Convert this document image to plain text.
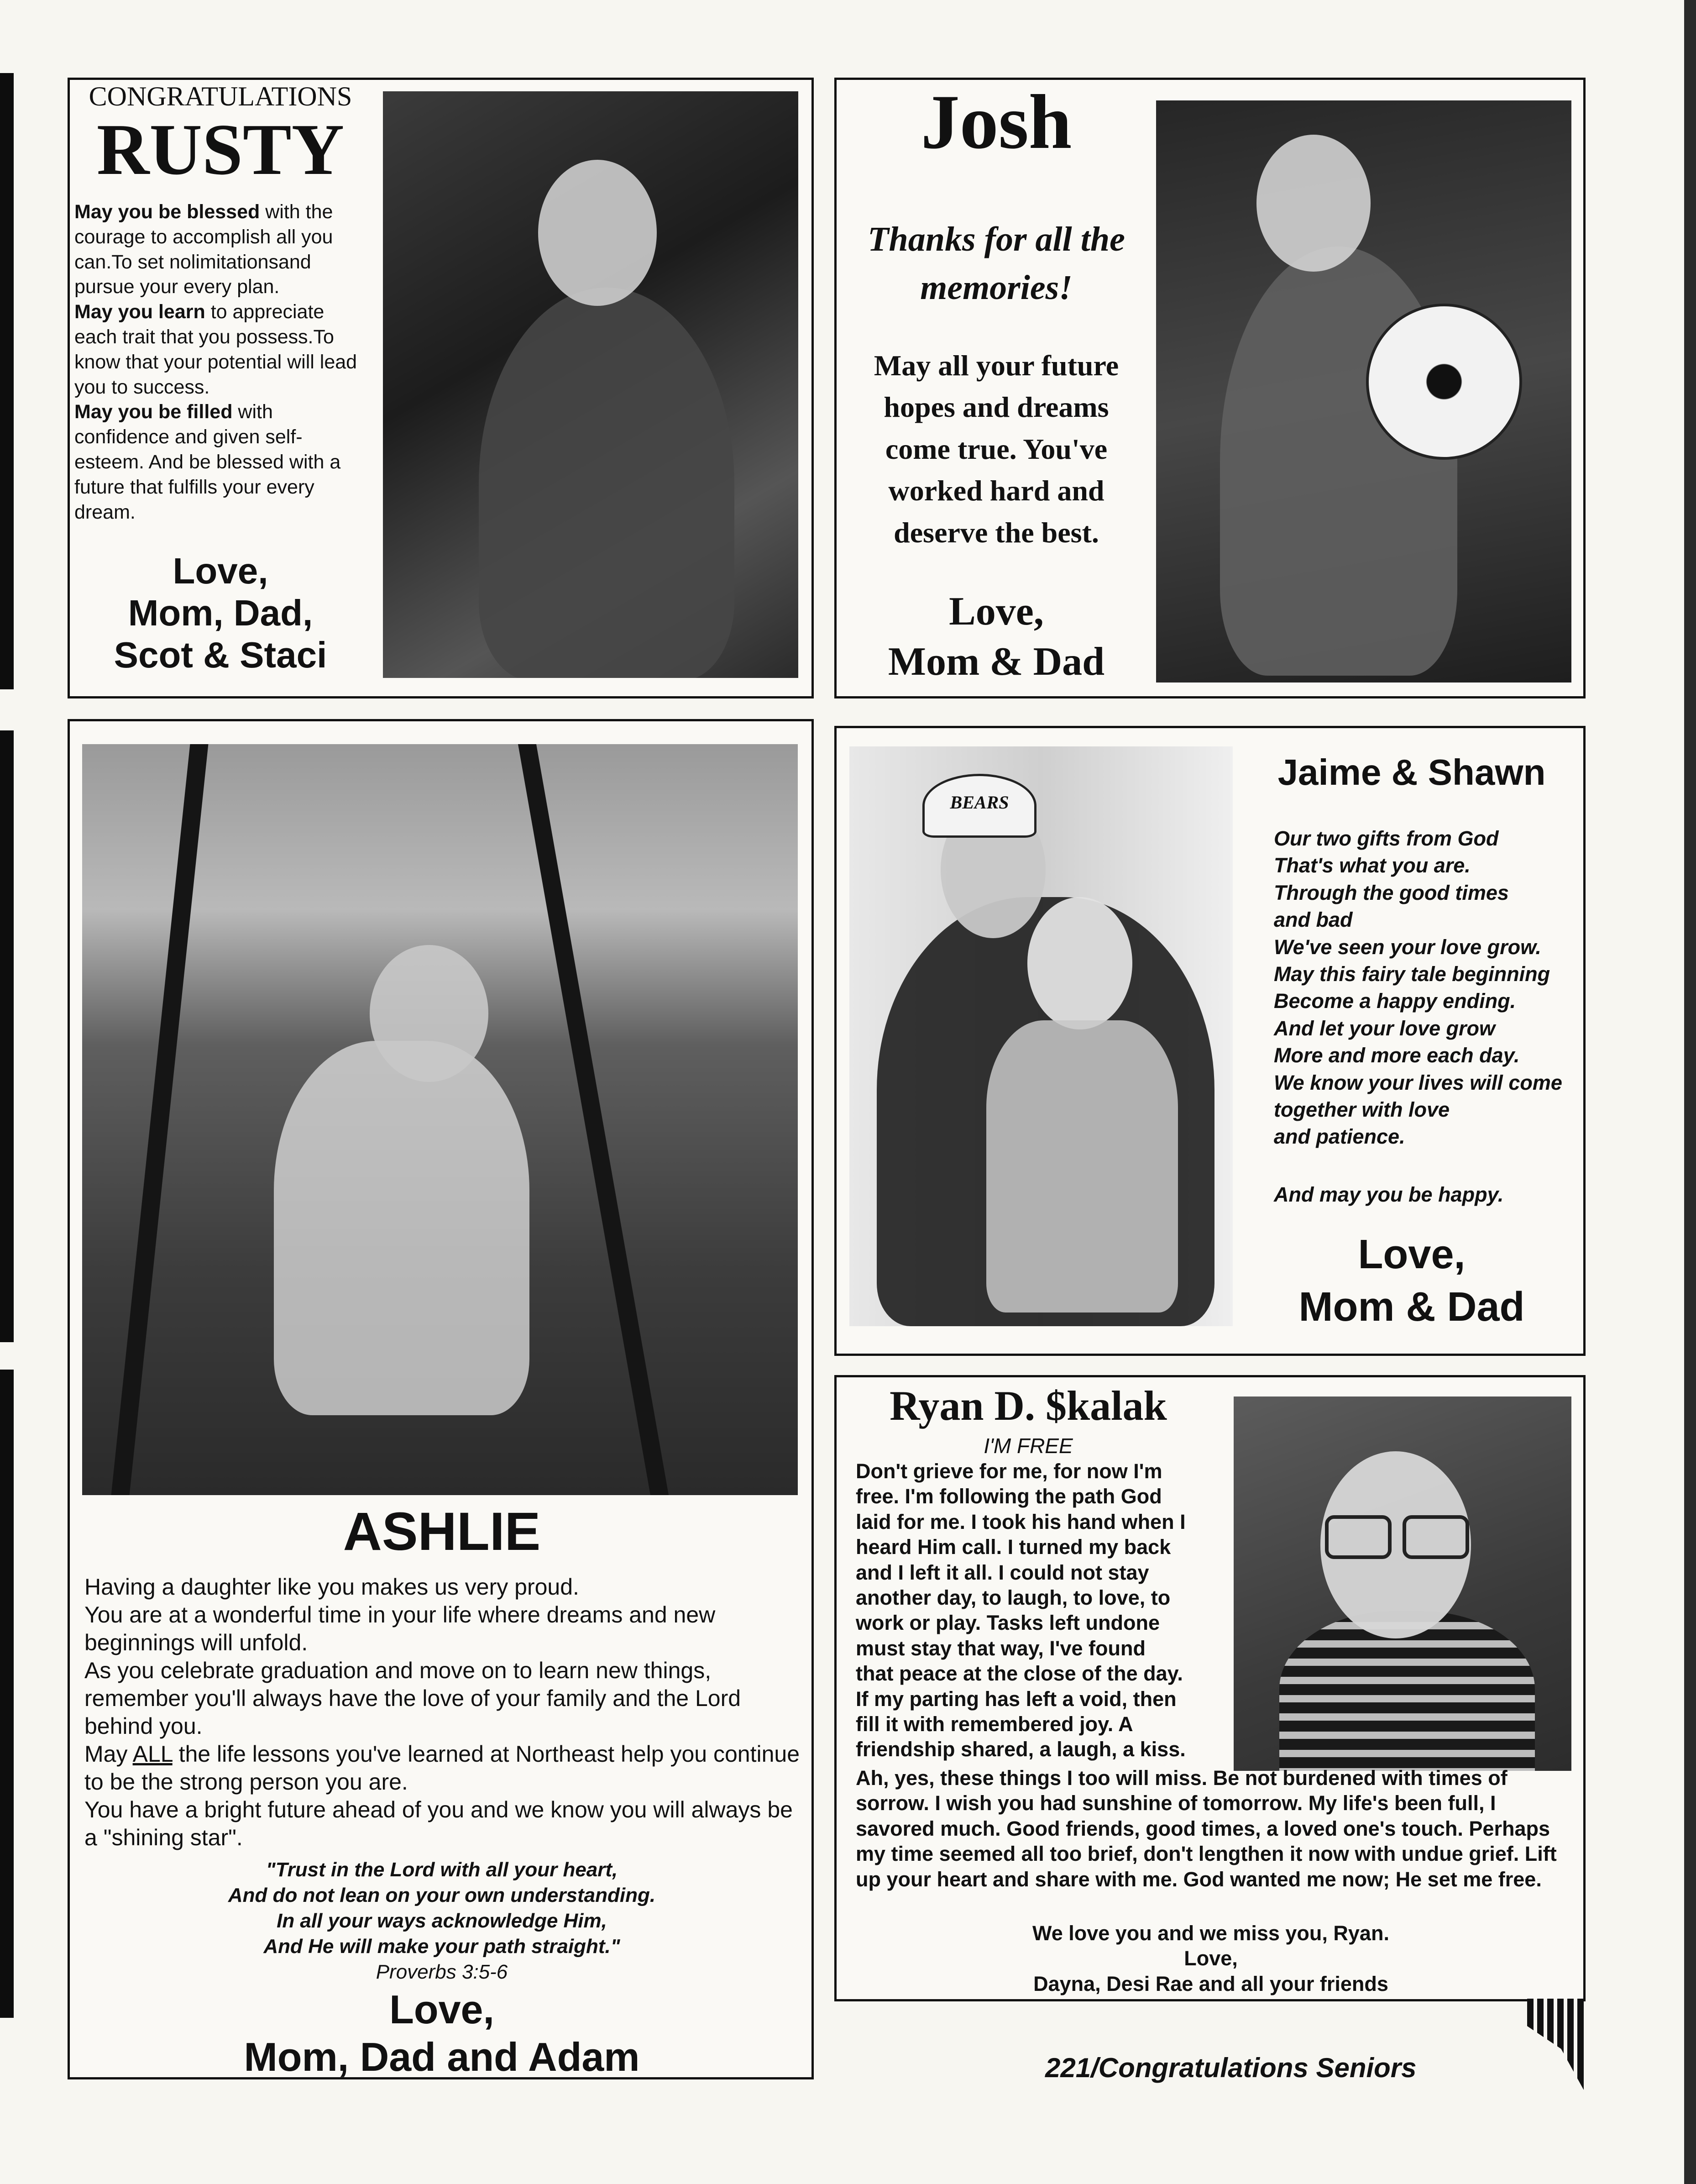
CONGRATULATIONS
RUSTY
May you be blessed with the courage to accomplish all you can.To set nolimitationsand pursue your every plan.
May you learn to appreciate each trait that you possess.To know that your potential will lead you to success.
May you be filled with confidence and given self-esteem. And be blessed with a future that fulfills your every dream.
Love,
Mom, Dad,
Scot & Staci
Josh
Thanks for all the
memories!
May all your future
hopes and dreams
come true. You've
worked hard and
deserve the best.
Love,
Mom & Dad
ASHLIE
Having a daughter like you makes us very proud.
You are at a wonderful time in your life where dreams and new beginnings will unfold.
As you celebrate graduation and move on to learn new things, remember you'll always have the love of your family and the Lord behind you.
May ALL the life lessons you've learned at Northeast help you continue to be the strong person you are.
You have a bright future ahead of you and we know you will always be a "shining star".
"Trust in the Lord with all your heart,
And do not lean on your own understanding.
In all your ways acknowledge Him,
And He will make your path straight."
Proverbs 3:5-6
Love,
Mom, Dad and Adam
BEARS
Jaime & Shawn
Our two gifts from God
That's what you are.
Through the good times
and bad
We've seen your love grow.
May this fairy tale beginning
Become a happy ending.
And let your love grow
More and more each day.
We know your lives will come
together with love
and patience.
And may you be happy.
Love,
Mom & Dad
Ryan D. $kalak
I'M FREE
Don't grieve for me, for now I'm
free. I'm following the path God
laid for me. I took his hand when I
heard Him call. I turned my back
and I left it all. I could not stay
another day, to laugh, to love, to
work or play. Tasks left undone
must stay that way, I've found
that peace at the close of the day.
If my parting has left a void, then
fill it with remembered joy. A
friendship shared, a laugh, a kiss.
Ah, yes, these things I too will miss. Be not burdened with times of sorrow. I wish you had sunshine of tomorrow. My life's been full, I savored much. Good friends, good times, a loved one's touch. Perhaps my time seemed all too brief, don't lengthen it now with undue grief. Lift up your heart and share with me. God wanted me now; He set me free.
We love you and we miss you, Ryan.
Love,
Dayna, Desi Rae and all your friends
221/Congratulations Seniors
